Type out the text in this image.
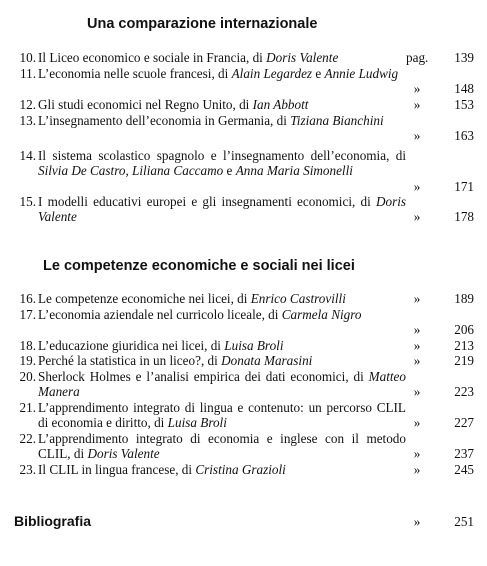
Una comparazione internazionale
10. Il Liceo economico e sociale in Francia, di Doris Valente	pag.	139
11. L’economia nelle scuole francesi, di Alain Legardez e Annie Ludwig
»	148
12. Gli studi economici nel Regno Unito, di Ian Abbott	»	153
13. L’insegnamento dell’economia in Germania, di Tiziana Bianchini
»	163
14. Il sistema scolastico spagnolo e l’insegnamento dell’economia, di Silvia De Castro, Liliana Caccamo e Anna Maria Simonelli
»	171
15. I modelli educativi europei e gli insegnamenti economici, di Doris Valente	»	178
Le competenze economiche e sociali nei licei
16. Le competenze economiche nei licei, di Enrico Castrovilli	»	189
17. L’economia aziendale nel curricolo liceale, di Carmela Nigro
»	206
18. L’educazione giuridica nei licei, di Luisa Broli	»	213
19. Perché la statistica in un liceo?, di Donata Marasini	»	219
20. Sherlock Holmes e l’analisi empirica dei dati economici, di Matteo Manera	»	223
21. L’apprendimento integrato di lingua e contenuto: un percorso CLIL di economia e diritto, di Luisa Broli	»	227
22. L’apprendimento integrato di economia e inglese con il metodo CLIL, di Doris Valente	»	237
23. Il CLIL in lingua francese, di Cristina Grazioli	»	245
Bibliografia	»	251
